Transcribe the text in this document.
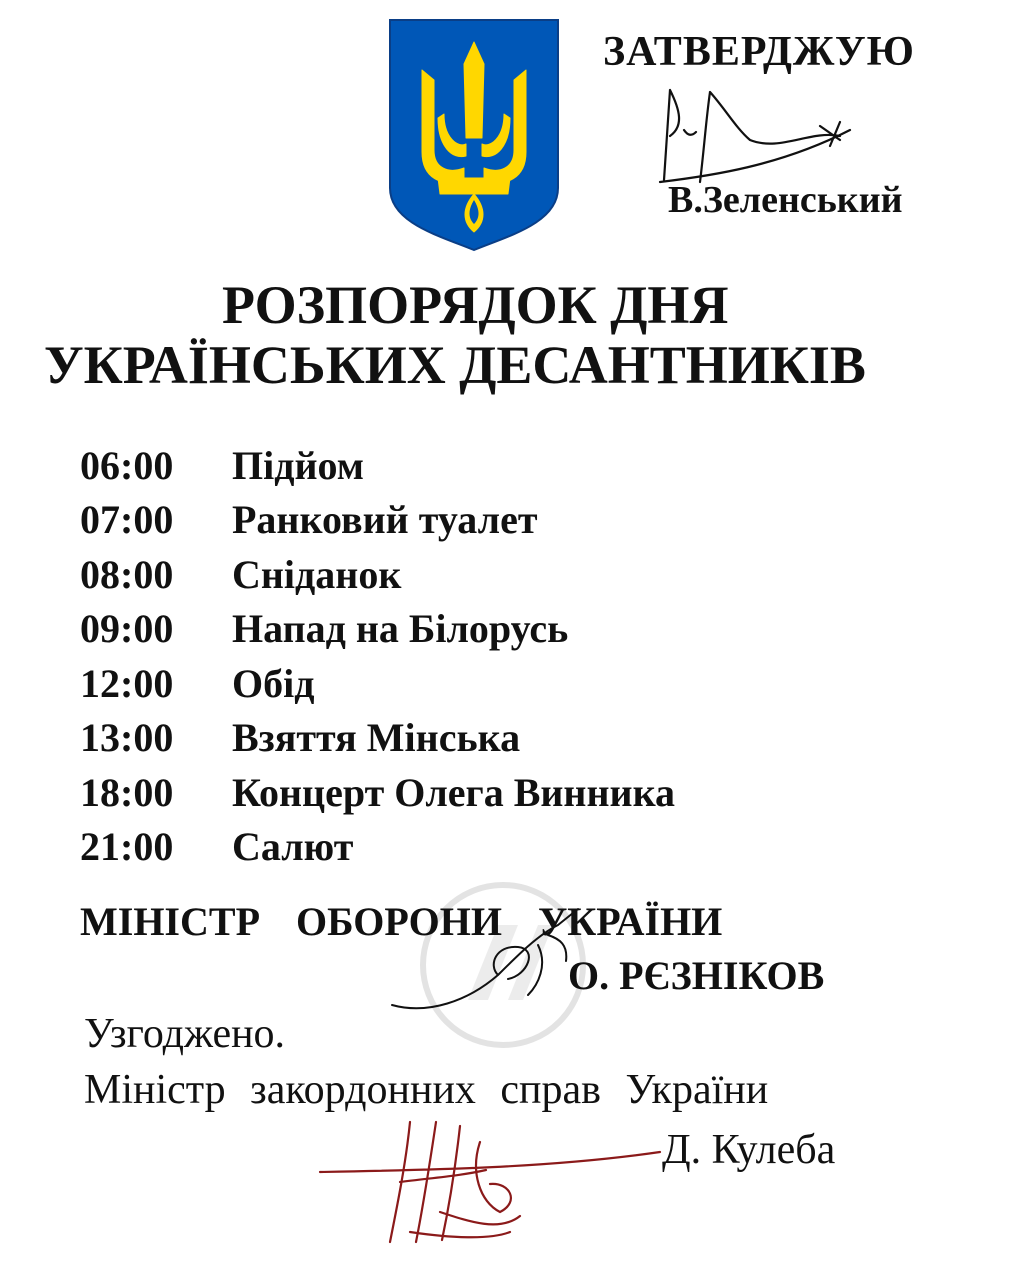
ЗАТВЕРДЖУЮ
В.Зеленський
РОЗПОРЯДОК ДНЯ
УКРАЇНСЬКИХ ДЕСАНТНИКІВ
06:00	Підйом
07:00	Ранковий туалет
08:00	Сніданок
09:00	Напад на Білорусь
12:00	Обід
13:00	Взяття Мінська
18:00	Концерт Олега Винника
21:00	Салют
МІНІСТР ОБОРОНИ УКРАЇНИ
О. РЄЗНІКОВ
Узгоджено.
Міністр закордонних справ України
Д. Кулеба
